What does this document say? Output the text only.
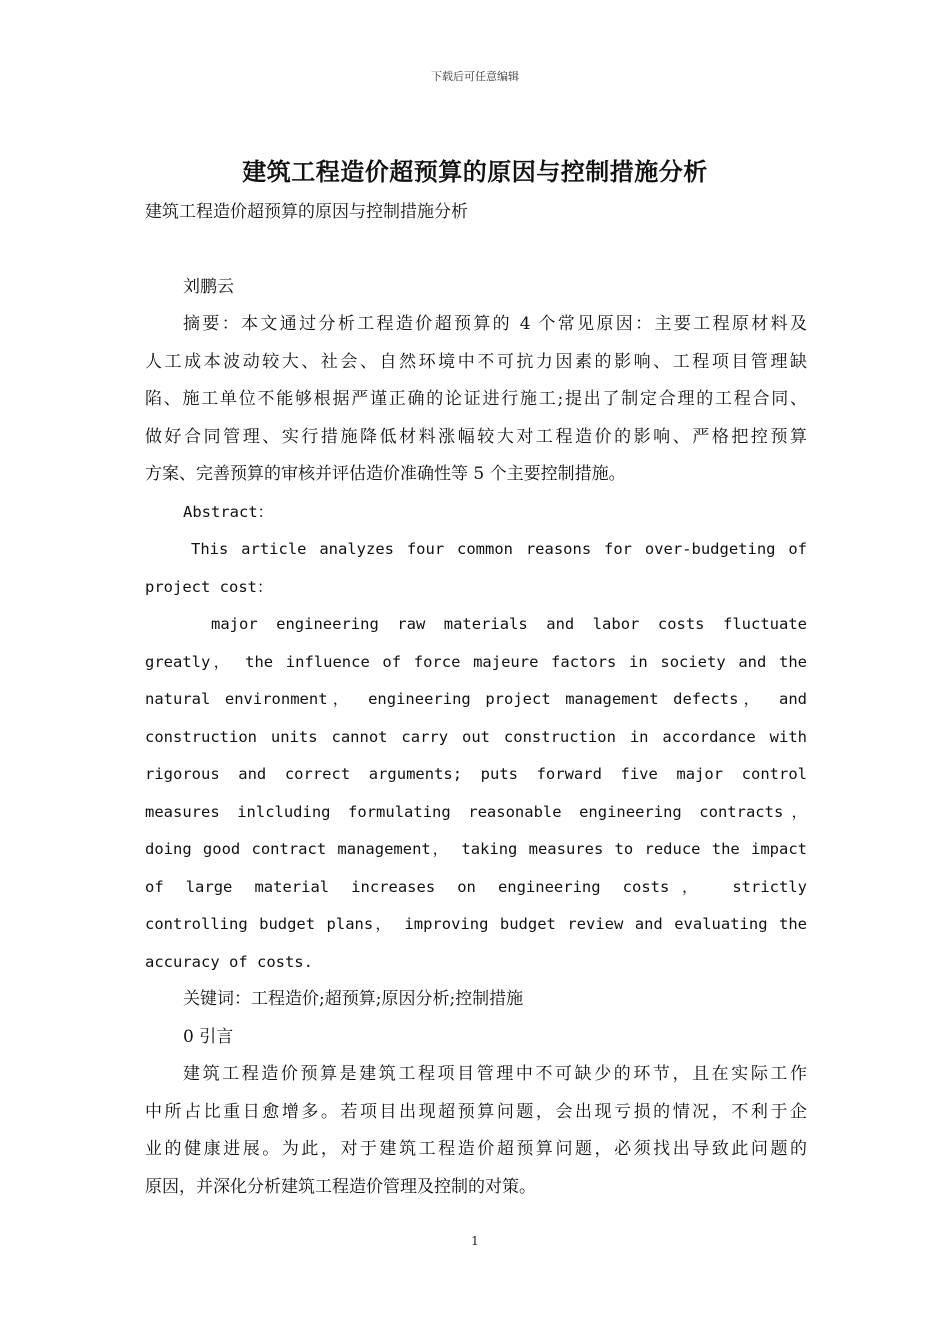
下载后可任意编辑
建筑工程造价超预算的原因与控制措施分析
建筑工程造价超预算的原因与控制措施分析
刘鹏云
摘要：本文通过分析工程造价超预算的 4 个常见原因：主要工程原材料及
人工成本波动较大、社会、自然环境中不可抗力因素的影响、工程项目管理缺
陷、施工单位不能够根据严谨正确的论证进行施工;提出了制定合理的工程合同、
做好合同管理、实行措施降低材料涨幅较大对工程造价的影响、严格把控预算
方案、完善预算的审核并评估造价准确性等 5 个主要控制措施。
Abstract：
This article analyzes four common reasons for over-budgeting of
project cost：
major engineering raw materials and labor costs fluctuate
greatly， the influence of force majeure factors in society and the
natural environment， engineering project management defects， and
construction units cannot carry out construction in accordance with
rigorous and correct arguments; puts forward five major control
measures inlcluding formulating reasonable engineering contracts，
doing good contract management， taking measures to reduce the impact
of large material increases on engineering costs， strictly
controlling budget plans， improving budget review and evaluating the
accuracy of costs.
关键词：工程造价;超预算;原因分析;控制措施
0 引言
建筑工程造价预算是建筑工程项目管理中不可缺少的环节，且在实际工作
中所占比重日愈增多。若项目出现超预算问题，会出现亏损的情况，不利于企
业的健康进展。为此，对于建筑工程造价超预算问题，必须找出导致此问题的
原因，并深化分析建筑工程造价管理及控制的对策。
1
